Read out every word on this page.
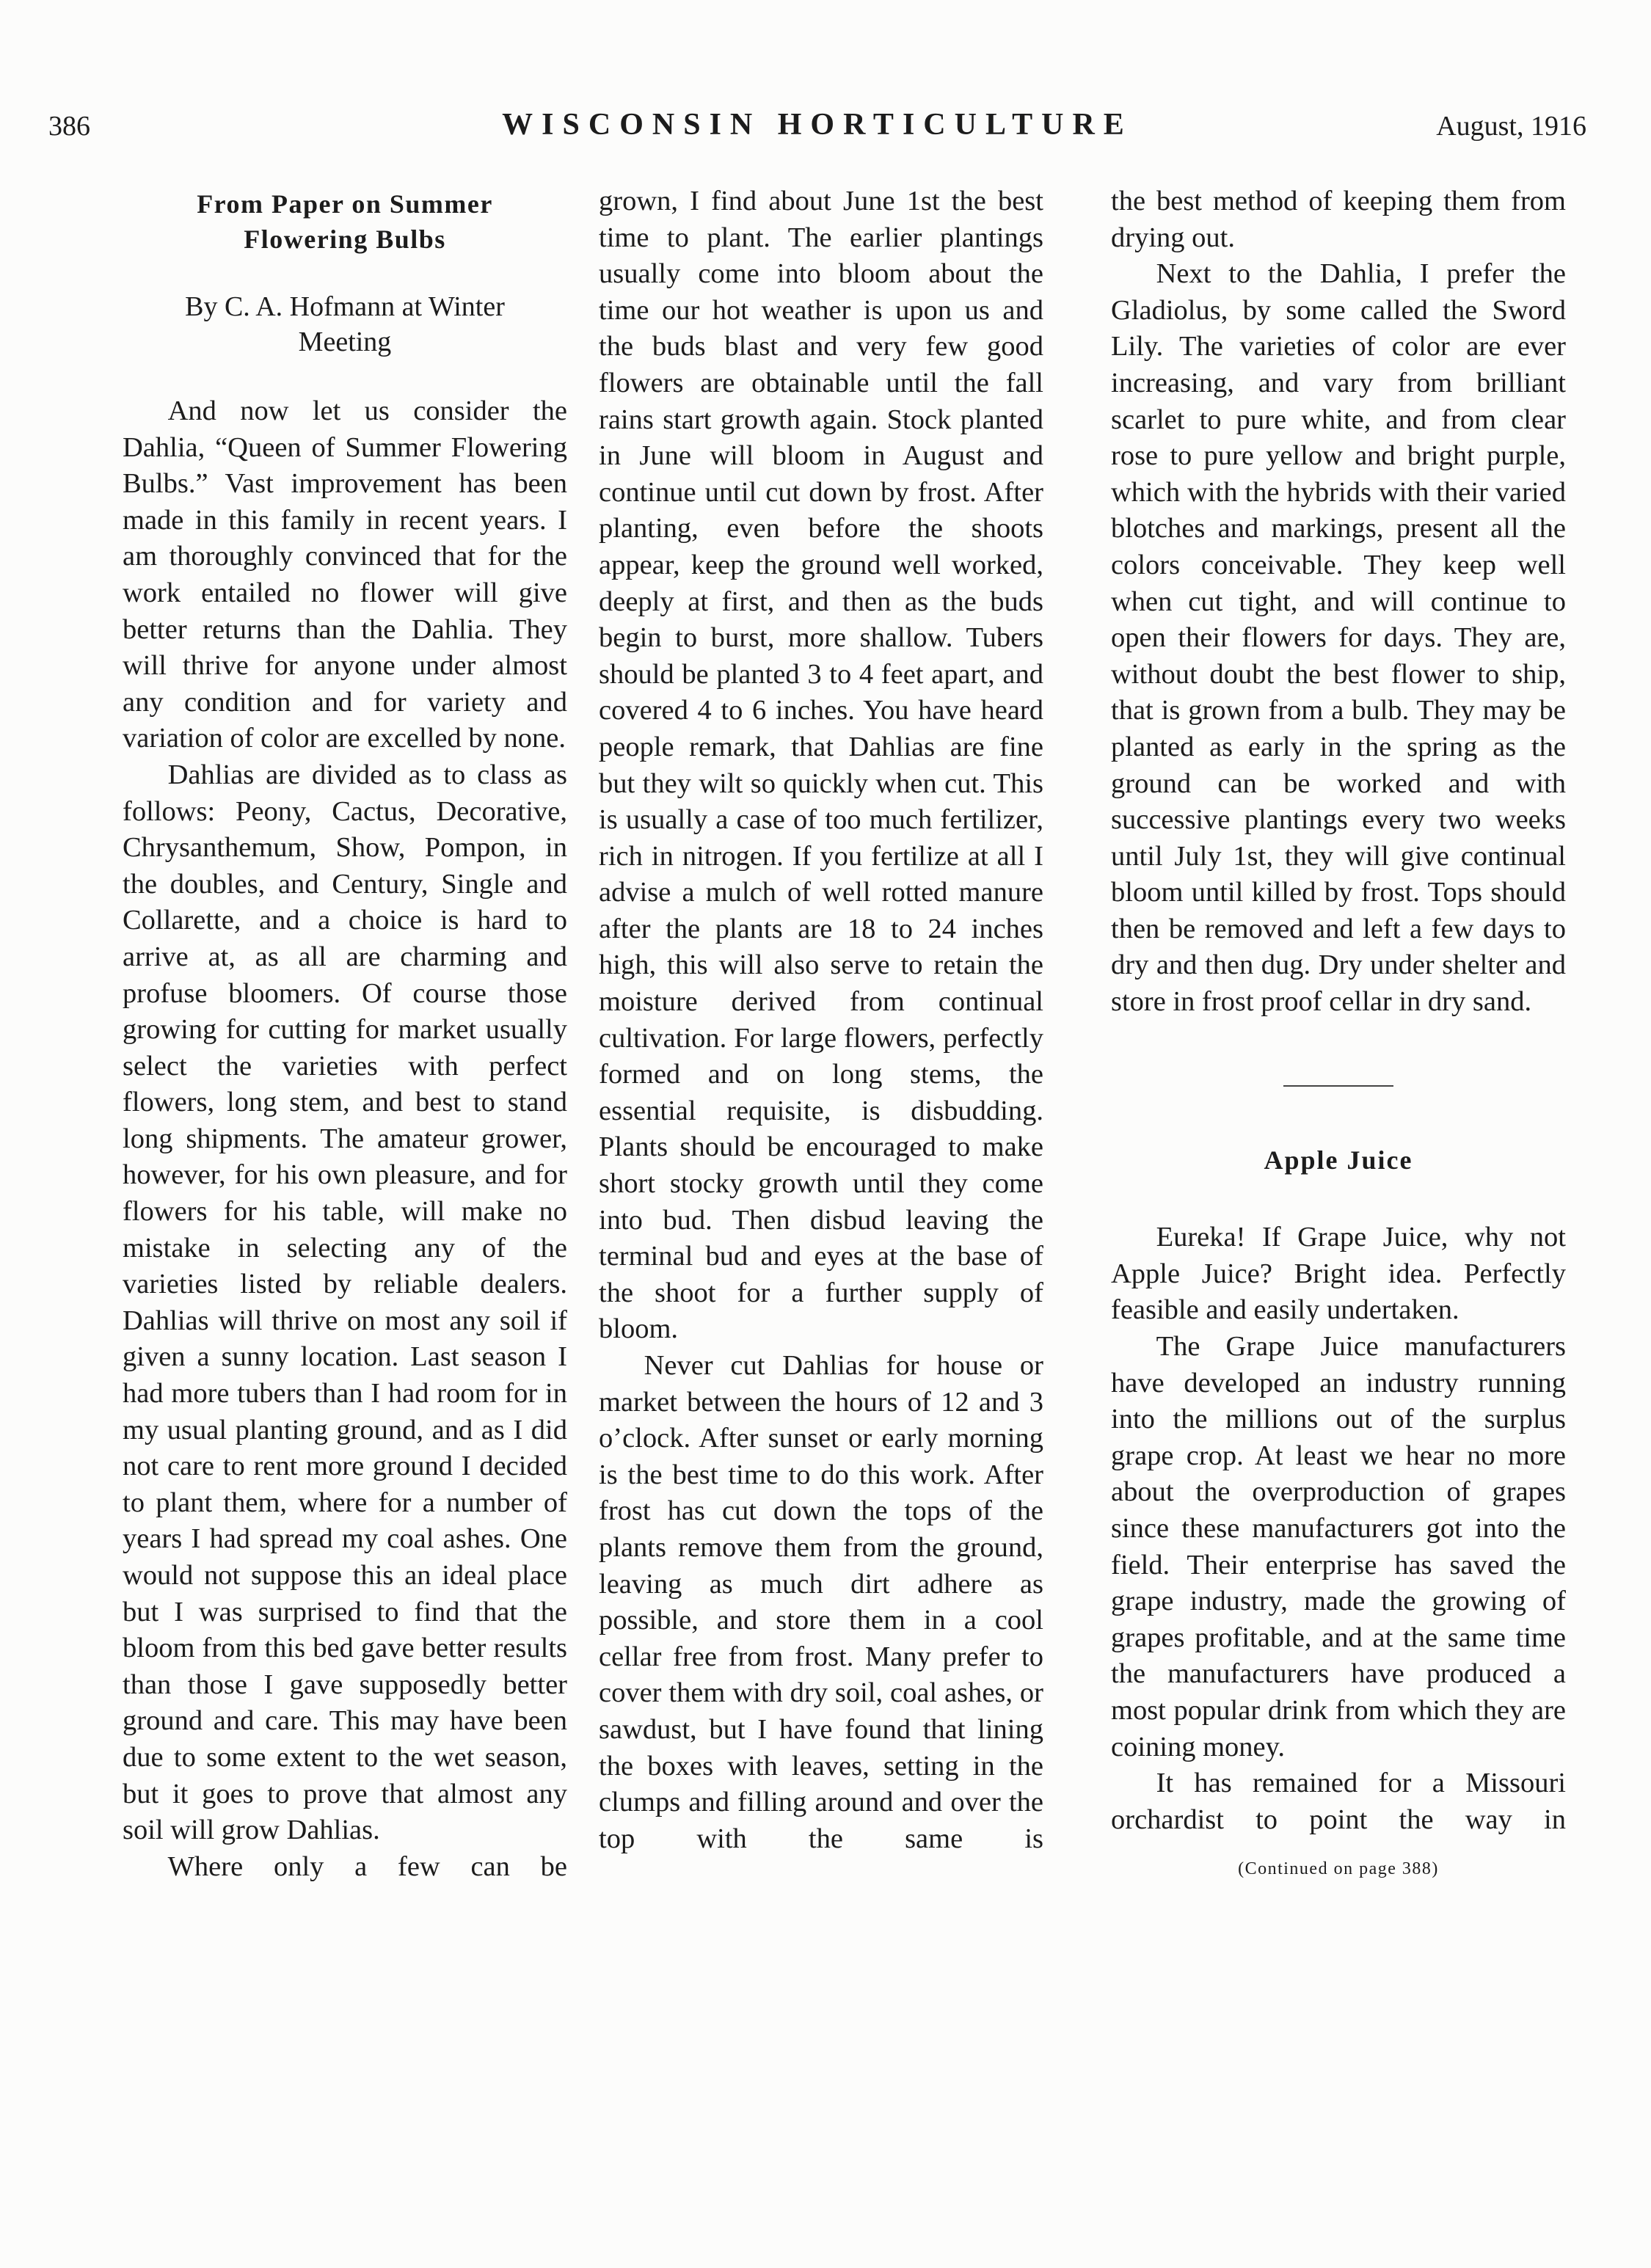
386	WISCONSIN HORTICULTURE	August, 1916
From Paper on Summer
Flowering Bulbs
By C. A. Hofmann at Winter
Meeting

And now let us consider the Dahlia, “Queen of Summer Flowering Bulbs.” Vast improvement has been made in this family in recent years. I am thoroughly convinced that for the work entailed no flower will give better returns than the Dahlia. They will thrive for anyone under almost any condition and for variety and variation of color are excelled by none.

Dahlias are divided as to class as follows: Peony, Cactus, Decorative, Chrysanthemum, Show, Pompon, in the doubles, and Century, Single and Collarette, and a choice is hard to arrive at, as all are charming and profuse bloomers. Of course those growing for cutting for market usually select the varieties with perfect flowers, long stem, and best to stand long shipments. The amateur grower, however, for his own pleasure, and for flowers for his table, will make no mistake in selecting any of the varieties listed by reliable dealers. Dahlias will thrive on most any soil if given a sunny location. Last season I had more tubers than I had room for in my usual planting ground, and as I did not care to rent more ground I decided to plant them, where for a number of years I had spread my coal ashes. One would not suppose this an ideal place but I was surprised to find that the bloom from this bed gave better results than those I gave supposedly better ground and care. This may have been due to some extent to the wet season, but it goes to prove that almost any soil will grow Dahlias.

Where only a few can be

grown, I find about June 1st the best time to plant. The earlier plantings usually come into bloom about the time our hot weather is upon us and the buds blast and very few good flowers are obtainable until the fall rains start growth again. Stock planted in June will bloom in August and continue until cut down by frost. After planting, even before the shoots appear, keep the ground well worked, deeply at first, and then as the buds begin to burst, more shallow. Tubers should be planted 3 to 4 feet apart, and covered 4 to 6 inches. You have heard people remark, that Dahlias are fine but they wilt so quickly when cut. This is usually a case of too much fertilizer, rich in nitrogen. If you fertilize at all I advise a mulch of well rotted manure after the plants are 18 to 24 inches high, this will also serve to retain the moisture derived from continual cultivation. For large flowers, perfectly formed and on long stems, the essential requisite, is disbudding. Plants should be encouraged to make short stocky growth until they come into bud. Then disbud leaving the terminal bud and eyes at the base of the shoot for a further supply of bloom.

Never cut Dahlias for house or market between the hours of 12 and 3 o’clock. After sunset or early morning is the best time to do this work. After frost has cut down the tops of the plants remove them from the ground, leaving as much dirt adhere as possible, and store them in a cool cellar free from frost. Many prefer to cover them with dry soil, coal ashes, or sawdust, but I have found that lining the boxes with leaves, setting in the clumps and filling around and over the top with the same is

the best method of keeping them from drying out.

Next to the Dahlia, I prefer the Gladiolus, by some called the Sword Lily. The varieties of color are ever increasing, and vary from brilliant scarlet to pure white, and from clear rose to pure yellow and bright purple, which with the hybrids with their varied blotches and markings, present all the colors conceivable. They keep well when cut tight, and will continue to open their flowers for days. They are, without doubt the best flower to ship, that is grown from a bulb. They may be planted as early in the spring as the ground can be worked and with successive plantings every two weeks until July 1st, they will give continual bloom until killed by frost. Tops should then be removed and left a few days to dry and then dug. Dry under shelter and store in frost proof cellar in dry sand.

Apple Juice

Eureka! If Grape Juice, why not Apple Juice? Bright idea. Perfectly feasible and easily undertaken.

The Grape Juice manufacturers have developed an industry running into the millions out of the surplus grape crop. At least we hear no more about the overproduction of grapes since these manufacturers got into the field. Their enterprise has saved the grape industry, made the growing of grapes profitable, and at the same time the manufacturers have produced a most popular drink from which they are coining money.

It has remained for a Missouri orchardist to point the way in

(Continued on page 388)
